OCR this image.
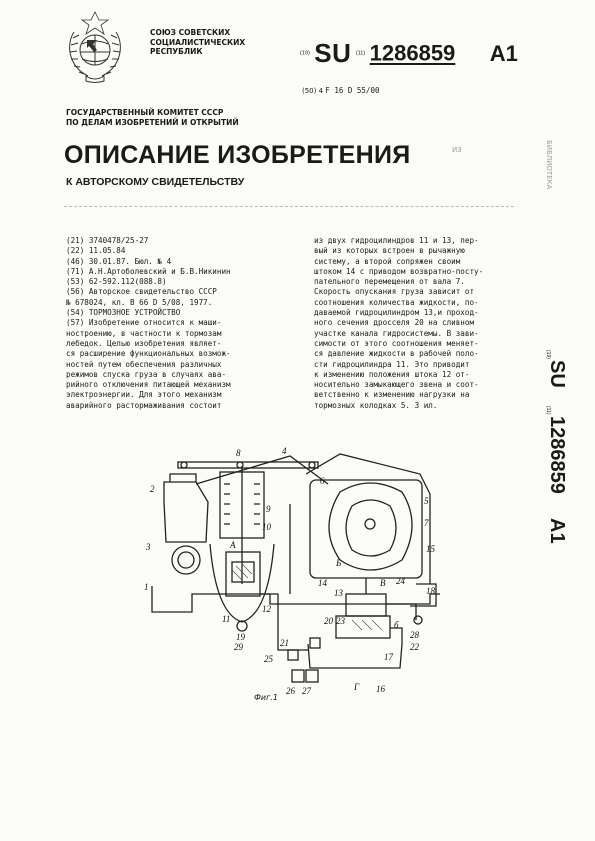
СОЮЗ СОВЕТСКИХ
СОЦИАЛИСТИЧЕСКИХ
РЕСПУБЛИК	(19) SU (11) 1286859 A1
(50) 4 F 16 D 55/00
ГОСУДАРСТВЕННЫЙ КОМИТЕТ СССР
ПО ДЕЛАМ ИЗОБРЕТЕНИЙ И ОТКРЫТИЙ
ОПИСАНИЕ ИЗОБРЕТЕНИЯ
К АВТОРСКОМУ СВИДЕТЕЛЬСТВУ
ИЗ	БИБЛИОТЕКА
(21) 3740478/25-27
(22) 11.05.84
(46) 30.01.87. Бюл. № 4
(71) А.Н.Артоболевский и Б.В.Никинин
(53) 62-592.112(088.8)
(56) Авторское свидетельство СССР
№ 678024, кл. В 66 D 5/08, 1977.
(54) ТОРМОЗНОЕ УСТРОЙСТВО
(57) Изобретение относится к маши-
ностроению, в частности к тормозам
лебедок. Целью изобретения являет-
ся расширение функциональных возмож-
ностей путем обеспечения различных
режимов спуска груза в случаях ава-
рийного отключения питающей механизм
электроэнергии. Для этого механизм
аварийного растормаживания состоит
из двух гидроцилиндров 11 и 13, пер-
вый из которых встроен в рычажную
систему, а второй сопряжен своим
штоком 14 с приводом возвратно-посту-
пательного перемещения от вала 7.
Скорость опускания груза зависит от
соотношения количества жидкости, по-
даваемой гидроцилиндром 13,и проход-
ного сечения дросселя 20 на сливном
участке канала гидросистемы. В зави-
симости от этого соотношения меняет-
ся давление жидкости в рабочей поло-
сти гидроцилиндра 11. Это приводит
к изменению положения штока 12 от-
носительно замыкающего звена и соот-
ветственно к изменению нагрузки на
тормозных колодках 5. 3 ил.
(19)
SU
(11)
1286859
A1
1
2
3
4
5
6
7
8
9
10
11
12
13
14
15
16
17
18
19
20
21	22
23
24
25
26 27
28
29
б
А
Г
Б
В
Фиг.1
